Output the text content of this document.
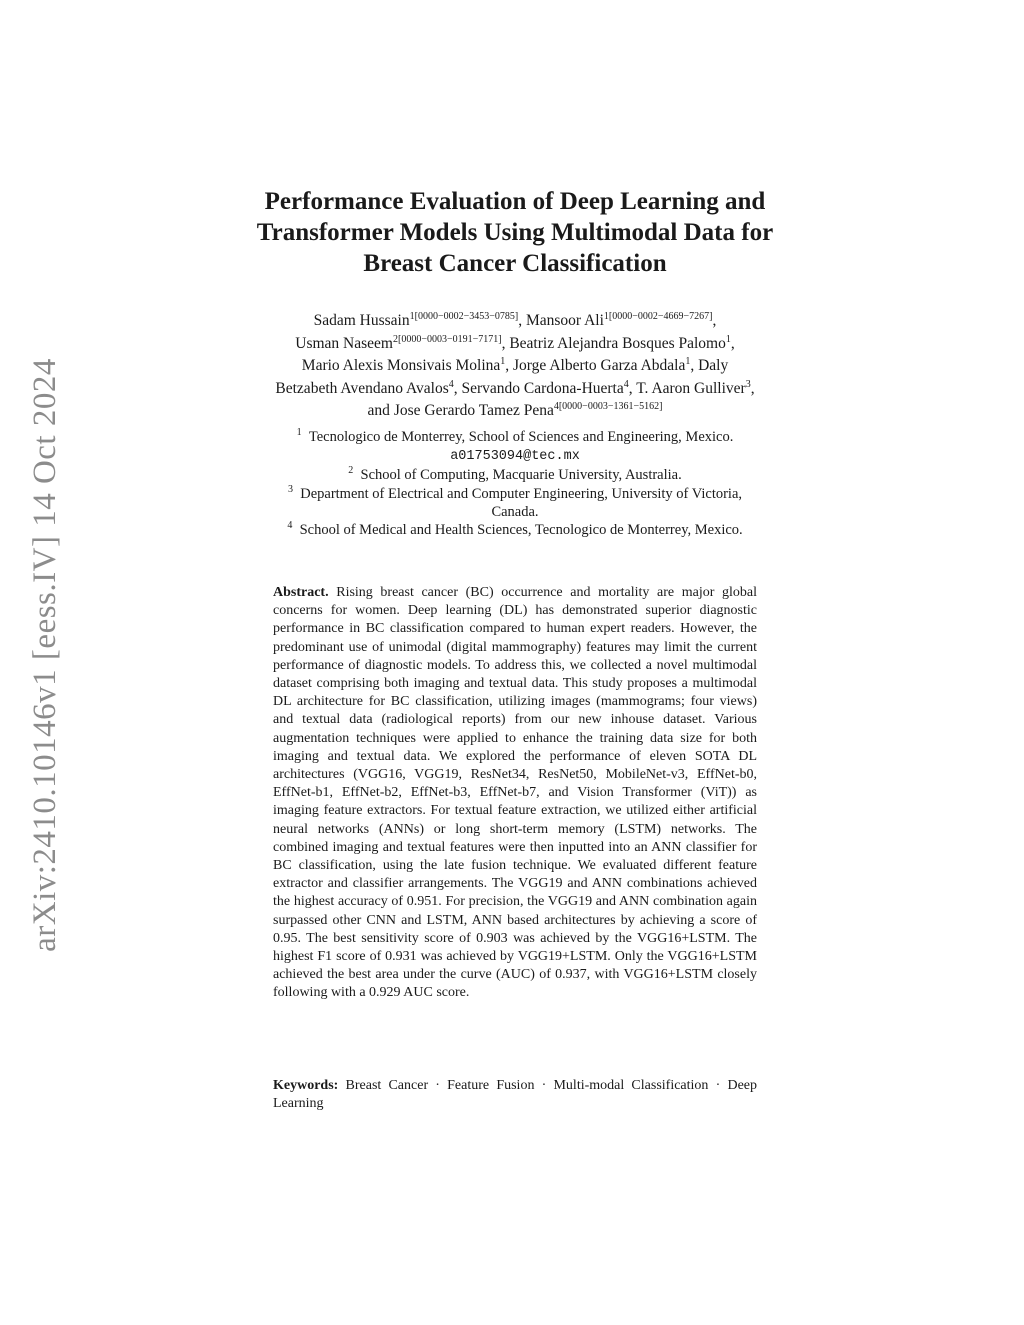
arXiv:2410.10146v1 [eess.IV] 14 Oct 2024
Performance Evaluation of Deep Learning and
Transformer Models Using Multimodal Data for
Breast Cancer Classification
Sadam Hussain$^{1[0000-0002-3453-0785]}$, Mansoor Ali$^{1[0000-0002-4669-7267]}$,
Usman Naseem$^{2[0000-0003-0191-7171]}$, Beatriz Alejandra Bosques Palomo$^1$,
Mario Alexis Monsivais Molina$^1$, Jorge Alberto Garza Abdala$^1$, Daly
Betzabeth Avendano Avalos$^4$, Servando Cardona-Huerta$^4$, T. Aaron Gulliver$^3$,
and Jose Gerardo Tamez Pena$^{4[0000-0003-1361-5162]}$
$^1$ Tecnologico de Monterrey, School of Sciences and Engineering, Mexico.
a01753094@tec.mx
$^2$ School of Computing, Macquarie University, Australia.
$^3$ Department of Electrical and Computer Engineering, University of Victoria,
Canada.
$^4$ School of Medical and Health Sciences, Tecnologico de Monterrey, Mexico.
Abstract. Rising breast cancer (BC) occurrence and mortality are major global concerns for women. Deep learning (DL) has demonstrated superior diagnostic performance in BC classification compared to human expert readers. However, the predominant use of unimodal (digital mammography) features may limit the current performance of diagnostic models. To address this, we collected a novel multimodal dataset comprising both imaging and textual data. This study proposes a multimodal DL architecture for BC classification, utilizing images (mammograms; four views) and textual data (radiological reports) from our new inhouse dataset. Various augmentation techniques were applied to enhance the training data size for both imaging and textual data. We explored the performance of eleven SOTA DL architectures (VGG16, VGG19, ResNet34, ResNet50, MobileNet-v3, EffNet-b0, EffNet-b1, EffNet-b2, EffNet-b3, EffNet-b7, and Vision Transformer (ViT)) as imaging feature extractors. For textual feature extraction, we utilized either artificial neural networks (ANNs) or long short-term memory (LSTM) networks. The combined imaging and textual features were then inputted into an ANN classifier for BC classification, using the late fusion technique. We evaluated different feature extractor and classifier arrangements. The VGG19 and ANN combinations achieved the highest accuracy of 0.951. For precision, the VGG19 and ANN combination again surpassed other CNN and LSTM, ANN based architectures by achieving a score of 0.95. The best sensitivity score of 0.903 was achieved by the VGG16+LSTM. The highest F1 score of 0.931 was achieved by VGG19+LSTM. Only the VGG16+LSTM achieved the best area under the curve (AUC) of 0.937, with VGG16+LSTM closely following with a 0.929 AUC score.
Keywords: Breast Cancer · Feature Fusion · Multi-modal Classification · Deep Learning
